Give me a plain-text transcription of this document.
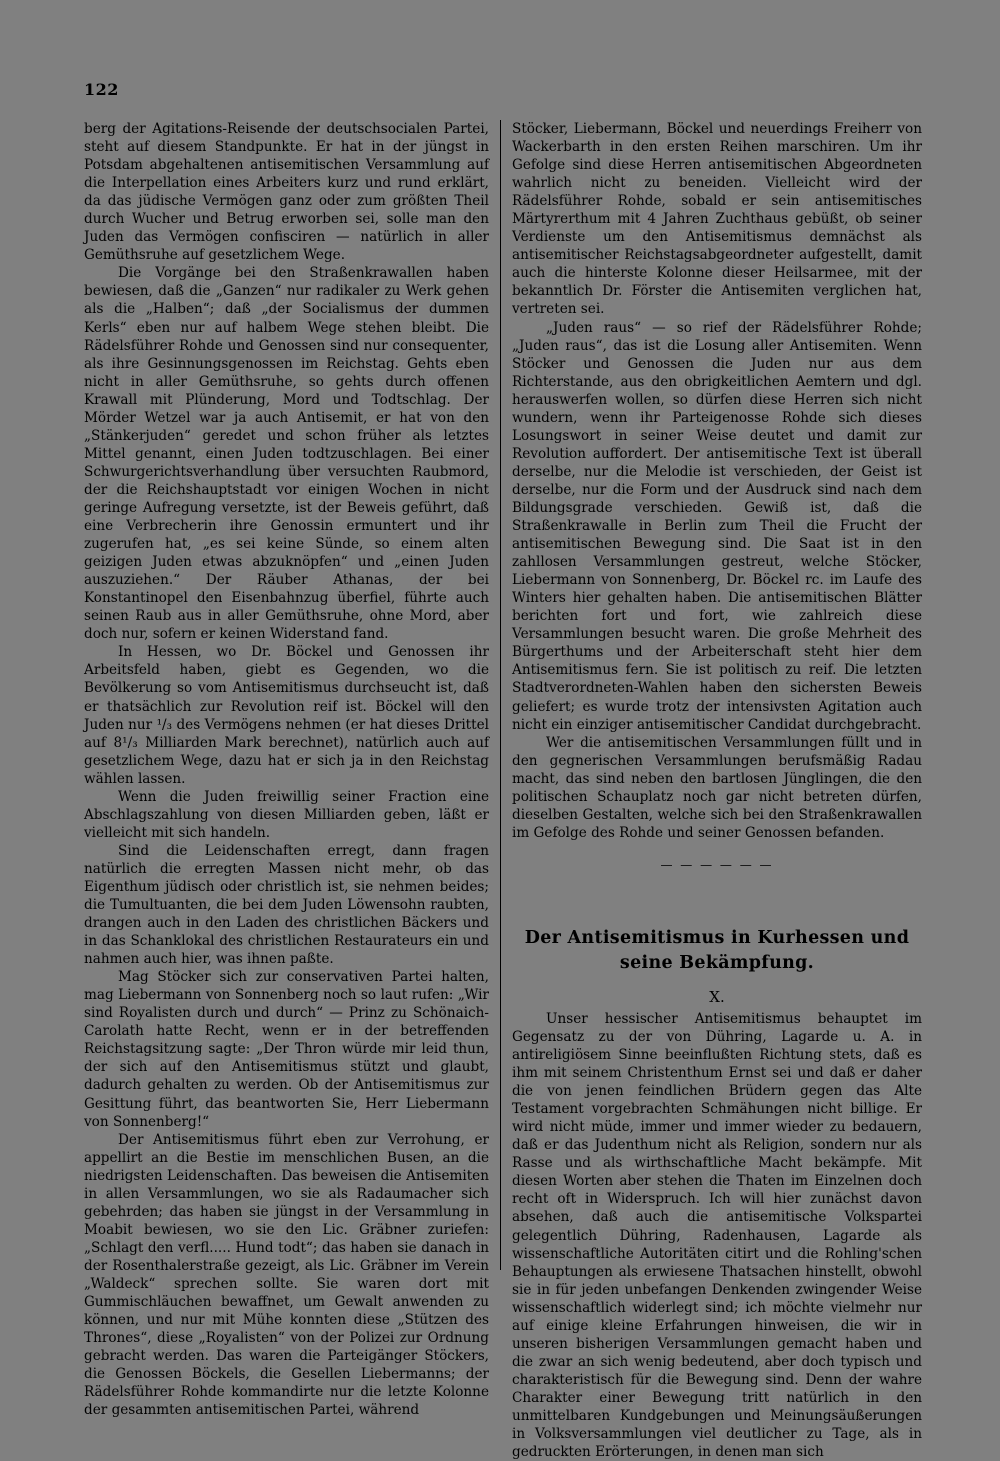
122

berg der Agitations-Reisende der deutschsocialen Partei, steht auf diesem Standpunkte. Er hat in der jüngst in Potsdam abgehaltenen antisemitischen Versammlung auf die Interpellation eines Arbeiters kurz und rund erklärt, da das jüdische Vermögen ganz oder zum größten Theil durch Wucher und Betrug erworben sei, solle man den Juden das Vermögen confisciren — natürlich in aller Gemüthsruhe auf gesetzlichem Wege.

Die Vorgänge bei den Straßenkrawallen haben bewiesen, daß die „Ganzen“ nur radikaler zu Werk gehen als die „Halben“; daß „der Socialismus der dummen Kerls“ eben nur auf halbem Wege stehen bleibt. Die Rädelsführer Rohde und Genossen sind nur consequenter, als ihre Gesinnungsgenossen im Reichstag. Gehts eben nicht in aller Gemüthsruhe, so gehts durch offenen Krawall mit Plünderung, Mord und Todtschlag. Der Mörder Wetzel war ja auch Antisemit, er hat von den „Stänkerjuden“ geredet und schon früher als letztes Mittel genannt, einen Juden todtzuschlagen. Bei einer Schwurgerichtsverhandlung über versuchten Raubmord, der die Reichshauptstadt vor einigen Wochen in nicht geringe Aufregung versetzte, ist der Beweis geführt, daß eine Verbrecherin ihre Genossin ermuntert und ihr zugerufen hat, „es sei keine Sünde, so einem alten geizigen Juden etwas abzuknöpfen“ und „einen Juden auszuziehen.“ Der Räuber Athanas, der bei Konstantinopel den Eisenbahnzug überfiel, führte auch seinen Raub aus in aller Gemüthsruhe, ohne Mord, aber doch nur, sofern er keinen Widerstand fand.

In Hessen, wo Dr. Böckel und Genossen ihr Arbeitsfeld haben, giebt es Gegenden, wo die Bevölkerung so vom Antisemitismus durchseucht ist, daß er thatsächlich zur Revolution reif ist. Böckel will den Juden nur ¹/₃ des Vermögens nehmen (er hat dieses Drittel auf 8¹/₃ Milliarden Mark berechnet), natürlich auch auf gesetzlichem Wege, dazu hat er sich ja in den Reichstag wählen lassen.

Wenn die Juden freiwillig seiner Fraction eine Abschlagszahlung von diesen Milliarden geben, läßt er vielleicht mit sich handeln.

Sind die Leidenschaften erregt, dann fragen natürlich die erregten Massen nicht mehr, ob das Eigenthum jüdisch oder christlich ist, sie nehmen beides; die Tumultuanten, die bei dem Juden Löwensohn raubten, drangen auch in den Laden des christlichen Bäckers und in das Schanklokal des christlichen Restaurateurs ein und nahmen auch hier, was ihnen paßte.

Mag Stöcker sich zur conservativen Partei halten, mag Liebermann von Sonnenberg noch so laut rufen: „Wir sind Royalisten durch und durch“ — Prinz zu Schönaich-Carolath hatte Recht, wenn er in der betreffenden Reichstagsitzung sagte: „Der Thron würde mir leid thun, der sich auf den Antisemitismus stützt und glaubt, dadurch gehalten zu werden. Ob der Antisemitismus zur Gesittung führt, das beantworten Sie, Herr Liebermann von Sonnenberg!“

Der Antisemitismus führt eben zur Verrohung, er appellirt an die Bestie im menschlichen Busen, an die niedrigsten Leidenschaften. Das beweisen die Antisemiten in allen Versammlungen, wo sie als Radaumacher sich gebehrden; das haben sie jüngst in der Versammlung in Moabit bewiesen, wo sie den Lic. Gräbner zuriefen: „Schlagt den verfl..... Hund todt“; das haben sie danach in der Rosenthalerstraße gezeigt, als Lic. Gräbner im Verein „Waldeck“ sprechen sollte. Sie waren dort mit Gummischläuchen bewaffnet, um Gewalt anwenden zu können, und nur mit Mühe konnten diese „Stützen des Thrones“, diese „Royalisten“ von der Polizei zur Ordnung gebracht werden. Das waren die Parteigänger Stöckers, die Genossen Böckels, die Gesellen Liebermanns; der Rädelsführer Rohde kommandirte nur die letzte Kolonne der gesammten antisemitischen Partei, während

Stöcker, Liebermann, Böckel und neuerdings Freiherr von Wackerbarth in den ersten Reihen marschiren. Um ihr Gefolge sind diese Herren antisemitischen Abgeordneten wahrlich nicht zu beneiden. Vielleicht wird der Rädelsführer Rohde, sobald er sein antisemitisches Märtyrerthum mit 4 Jahren Zuchthaus gebüßt, ob seiner Verdienste um den Antisemitismus demnächst als antisemitischer Reichstagsabgeordneter aufgestellt, damit auch die hinterste Kolonne dieser Heilsarmee, mit der bekanntlich Dr. Förster die Antisemiten verglichen hat, vertreten sei.

„Juden raus“ — so rief der Rädelsführer Rohde; „Juden raus“, das ist die Losung aller Antisemiten. Wenn Stöcker und Genossen die Juden nur aus dem Richterstande, aus den obrigkeitlichen Aemtern und dgl. herauswerfen wollen, so dürfen diese Herren sich nicht wundern, wenn ihr Parteigenosse Rohde sich dieses Losungswort in seiner Weise deutet und damit zur Revolution auffordert. Der antisemitische Text ist überall derselbe, nur die Melodie ist verschieden, der Geist ist derselbe, nur die Form und der Ausdruck sind nach dem Bildungsgrade verschieden. Gewiß ist, daß die Straßenkrawalle in Berlin zum Theil die Frucht der antisemitischen Bewegung sind. Die Saat ist in den zahllosen Versammlungen gestreut, welche Stöcker, Liebermann von Sonnenberg, Dr. Böckel rc. im Laufe des Winters hier gehalten haben. Die antisemitischen Blätter berichten fort und fort, wie zahlreich diese Versammlungen besucht waren. Die große Mehrheit des Bürgerthums und der Arbeiterschaft steht hier dem Antisemitismus fern. Sie ist politisch zu reif. Die letzten Stadtverordneten-Wahlen haben den sichersten Beweis geliefert; es wurde trotz der intensivsten Agitation auch nicht ein einziger antisemitischer Candidat durchgebracht.

Wer die antisemitischen Versammlungen füllt und in den gegnerischen Versammlungen berufsmäßig Radau macht, das sind neben den bartlosen Jünglingen, die den politischen Schauplatz noch gar nicht betreten dürfen, dieselben Gestalten, welche sich bei den Straßenkrawallen im Gefolge des Rohde und seiner Genossen befanden.

— — — — — —
Der Antisemitismus in Kurhessen und seine Bekämpfung.
X.

Unser hessischer Antisemitismus behauptet im Gegensatz zu der von Dühring, Lagarde u. A. in antireligiösem Sinne beeinflußten Richtung stets, daß es ihm mit seinem Christenthum Ernst sei und daß er daher die von jenen feindlichen Brüdern gegen das Alte Testament vorgebrachten Schmähungen nicht billige. Er wird nicht müde, immer und immer wieder zu bedauern, daß er das Judenthum nicht als Religion, sondern nur als Rasse und als wirthschaftliche Macht bekämpfe. Mit diesen Worten aber stehen die Thaten im Einzelnen doch recht oft in Widerspruch. Ich will hier zunächst davon absehen, daß auch die antisemitische Volkspartei gelegentlich Dühring, Radenhausen, Lagarde als wissenschaftliche Autoritäten citirt und die Rohling'schen Behauptungen als erwiesene Thatsachen hinstellt, obwohl sie in für jeden unbefangen Denkenden zwingender Weise wissenschaftlich widerlegt sind; ich möchte vielmehr nur auf einige kleine Erfahrungen hinweisen, die wir in unseren bisherigen Versammlungen gemacht haben und die zwar an sich wenig bedeutend, aber doch typisch und charakteristisch für die Bewegung sind. Denn der wahre Charakter einer Bewegung tritt natürlich in den unmittelbaren Kundgebungen und Meinungsäußerungen in Volksversammlungen viel deutlicher zu Tage, als in gedruckten Erörterungen, in denen man sich
